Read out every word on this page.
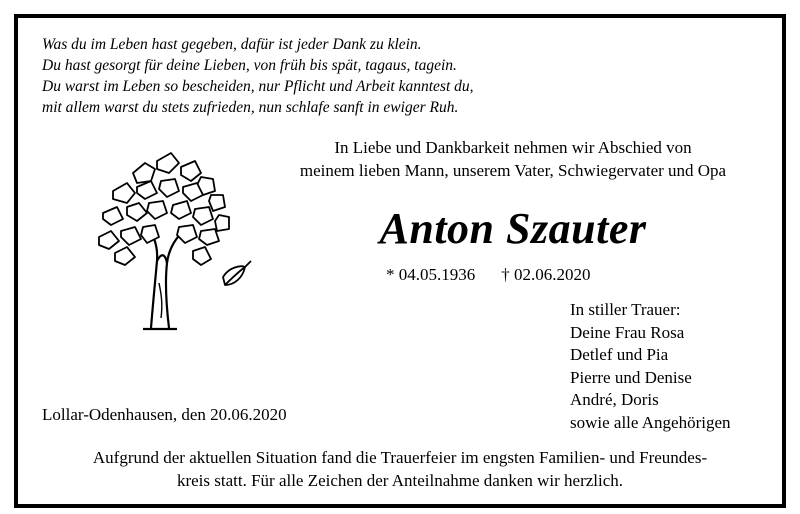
Was du im Leben hast gegeben, dafür ist jeder Dank zu klein.
Du hast gesorgt für deine Lieben, von früh bis spät, tagaus, tagein.
Du warst im Leben so bescheiden, nur Pflicht und Arbeit kanntest du,
mit allem warst du stets zufrieden, nun schlafe sanft in ewiger Ruh.
In Liebe und Dankbarkeit nehmen wir Abschied von
meinem lieben Mann, unserem Vater, Schwiegervater und Opa
Anton Szauter
* 04.05.1936 † 02.06.2020
In stiller Trauer:
Deine Frau Rosa
Detlef und Pia
Pierre und Denise
André, Doris
sowie alle Angehörigen
Lollar-Odenhausen, den 20.06.2020
Aufgrund der aktuellen Situation fand die Trauerfeier im engsten Familien- und Freundes-
kreis statt. Für alle Zeichen der Anteilnahme danken wir herzlich.
